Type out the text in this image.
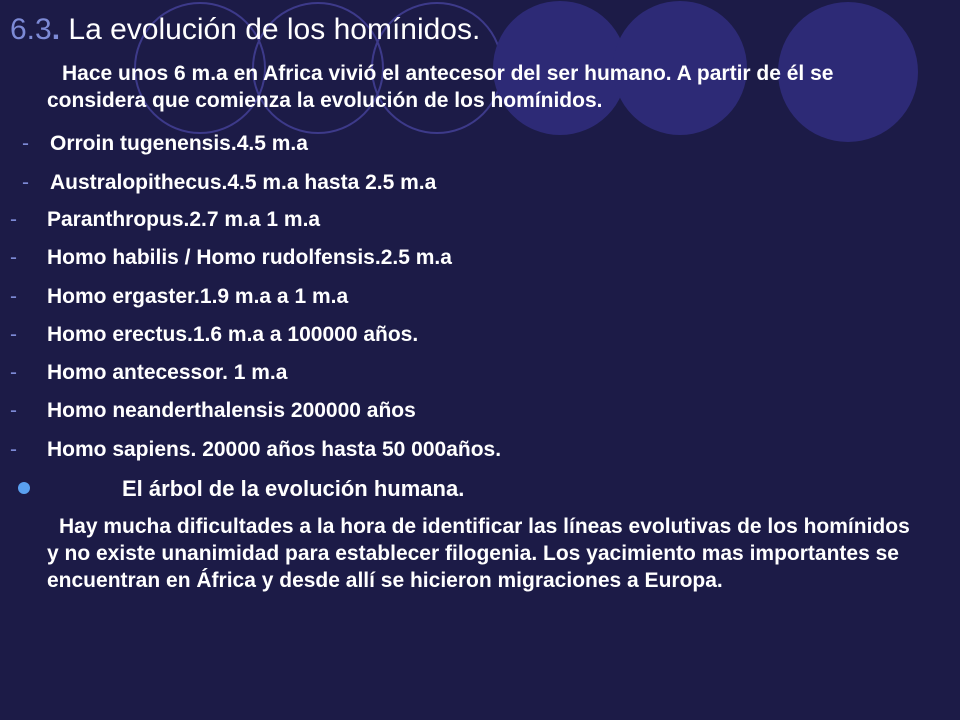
6.3. La evolución de los homínidos.
Hace unos 6 m.a en Africa vivió el antecesor del ser humano. A partir de él se considera que comienza la evolución de los homínidos.
- Orroin tugenensis.4.5 m.a
- Australopithecus.4.5 m.a hasta 2.5 m.a
- Paranthropus.2.7 m.a 1 m.a
- Homo habilis / Homo rudolfensis.2.5 m.a
- Homo ergaster.1.9 m.a a 1 m.a
- Homo erectus.1.6 m.a a 100000 años.
- Homo antecessor. 1 m.a
- Homo neanderthalensis 200000 años
- Homo sapiens. 20000 años hasta 50 000años.
El árbol de la evolución humana.
Hay mucha dificultades a la hora de identificar las líneas evolutivas de los homínidos y no existe unanimidad para establecer filogenia. Los yacimiento mas importantes se encuentran en África y desde allí se hicieron migraciones a Europa.
